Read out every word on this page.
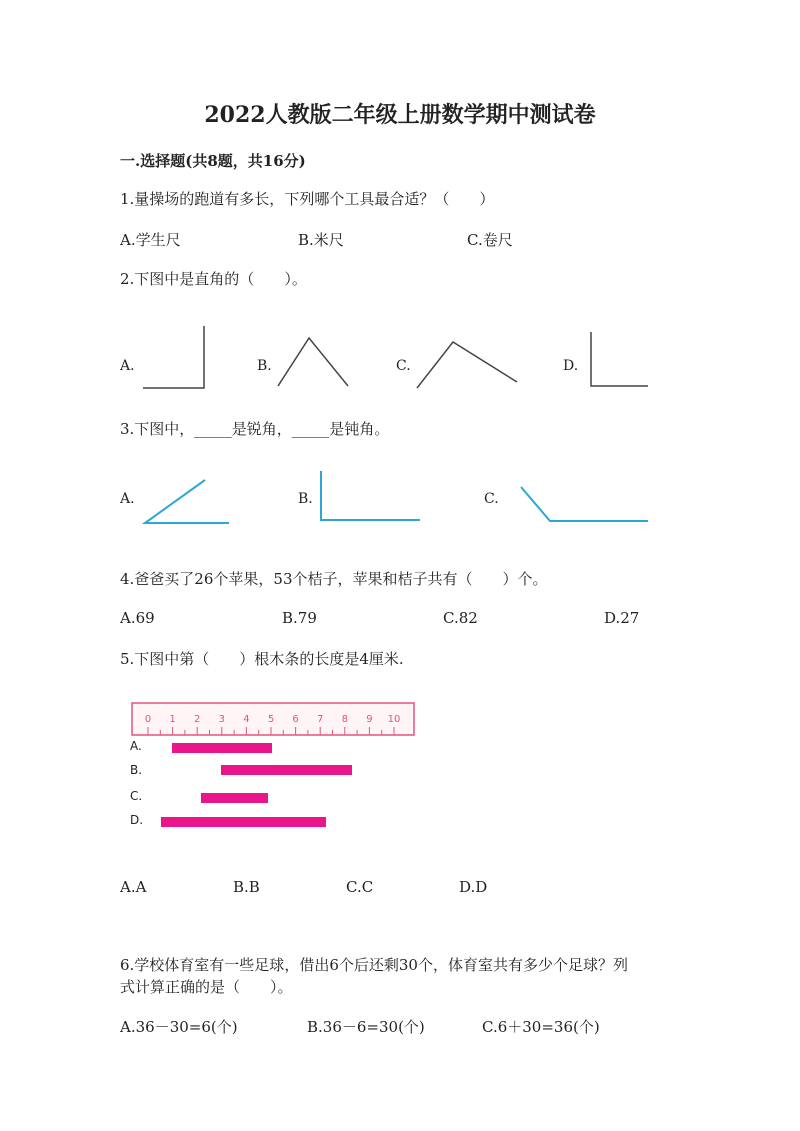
2022人教版二年级上册数学期中测试卷
一.选择题(共8题，共16分)
1.量操场的跑道有多长，下列哪个工具最合适？（　　）
A.学生尺	B.米尺	C.卷尺
2.下图中是直角的（　　）。
A.	B.	C.	D.
3.下图中，_____是锐角，_____是钝角。
A.	B.	C.
4.爸爸买了26个苹果，53个桔子，苹果和桔子共有（　　）个。
A.69	B.79	C.82	D.27
5.下图中第（　　）根木条的长度是4厘米.
0 1 2 3 4 5 6 7 8 9 10
A.
B.
C.
D.
A.A	B.B	C.C	D.D
6.学校体育室有一些足球，借出6个后还剩30个，体育室共有多少个足球？列
式计算正确的是（　　）。
A.36－30=6(个)	B.36－6=30(个)	C.6＋30=36(个)
